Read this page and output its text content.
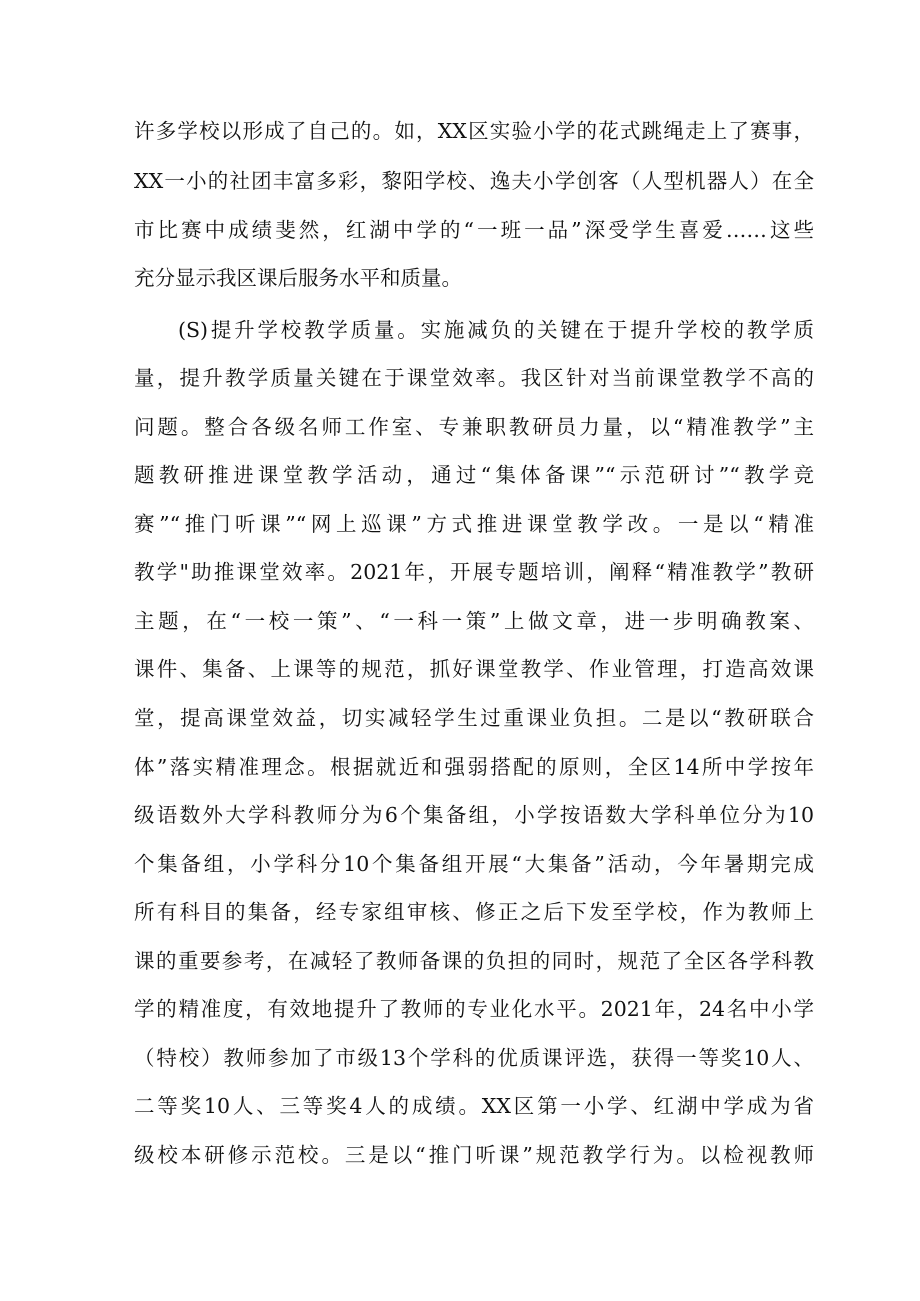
许多学校以形成了自己的。如，XX区实验小学的花式跳绳走上了赛事，
XX一小的社团丰富多彩，黎阳学校、逸夫小学创客（人型机器人）在全
市比赛中成绩斐然，红湖中学的“一班一品”深受学生喜爱……这些
充分显示我区课后服务水平和质量。
(S)提升学校教学质量。实施减负的关键在于提升学校的教学质
量，提升教学质量关键在于课堂效率。我区针对当前课堂教学不高的
问题。整合各级名师工作室、专兼职教研员力量，以“精准教学”主
题教研推进课堂教学活动，通过“集体备课”“示范研讨”“教学竞
赛”“推门听课”“网上巡课”方式推进课堂教学改。一是以“精准
教学"助推课堂效率。2021年，开展专题培训，阐释“精准教学”教研
主题，在“一校一策”、“一科一策”上做文章，进一步明确教案、
课件、集备、上课等的规范，抓好课堂教学、作业管理，打造高效课
堂，提高课堂效益，切实减轻学生过重课业负担。二是以“教研联合
体”落实精准理念。根据就近和强弱搭配的原则，全区14所中学按年
级语数外大学科教师分为6个集备组，小学按语数大学科单位分为10
个集备组，小学科分10个集备组开展“大集备”活动，今年暑期完成
所有科目的集备，经专家组审核、修正之后下发至学校，作为教师上
课的重要参考，在减轻了教师备课的负担的同时，规范了全区各学科教
学的精准度，有效地提升了教师的专业化水平。2021年，24名中小学
（特校）教师参加了市级13个学科的优质课评选，获得一等奖10人、
二等奖10人、三等奖4人的成绩。XX区第一小学、红湖中学成为省
级校本研修示范校。三是以“推门听课”规范教学行为。以检视教师
